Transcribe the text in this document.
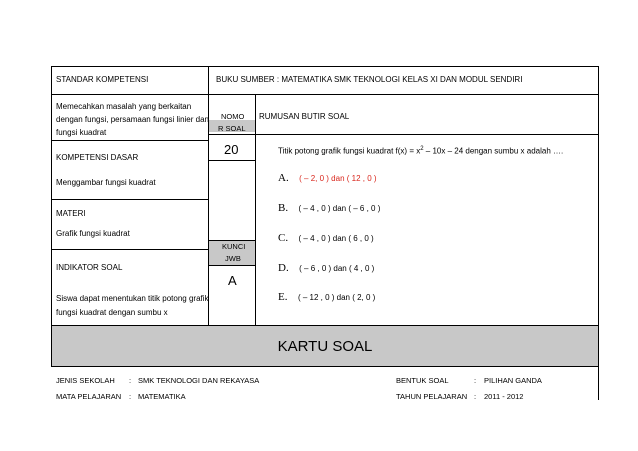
STANDAR KOMPETENSI	BUKU SUMBER : MATEMATIKA SMK TEKNOLOGI KELAS XI DAN MODUL SENDIRI
Memecahkan masalah yang berkaitan
dengan fungsi, persamaan fungsi linier dan
fungsi kuadrat
KOMPETENSI DASAR
Menggambar fungsi kuadrat
MATERI
Grafik fungsi kuadrat
INDIKATOR SOAL
Siswa dapat menentukan titik potong grafik
fungsi kuadrat dengan sumbu x
NOMO
R SOAL
20
KUNCI
JWB
A
RUMUSAN BUTIR SOAL
Titik potong grafik fungsi kuadrat $f(x) = x^2 - 10x - 24$ dengan sumbu x adalah ….
A. ( – 2, 0 ) dan ( 12 , 0 )
B. ( – 4 , 0 ) dan ( – 6 , 0 )
C. ( – 4 , 0 ) dan ( 6 , 0 )
D. ( – 6 , 0 ) dan ( 4 , 0 )
E. ( – 12 , 0 ) dan ( 2, 0 )
KARTU SOAL
JENIS SEKOLAH : SMK TEKNOLOGI DAN REKAYASA
MATA PELAJARAN : MATEMATIKA
BENTUK SOAL	: PILIHAN GANDA
TAHUN PELAJARAN : 2011 - 2012
